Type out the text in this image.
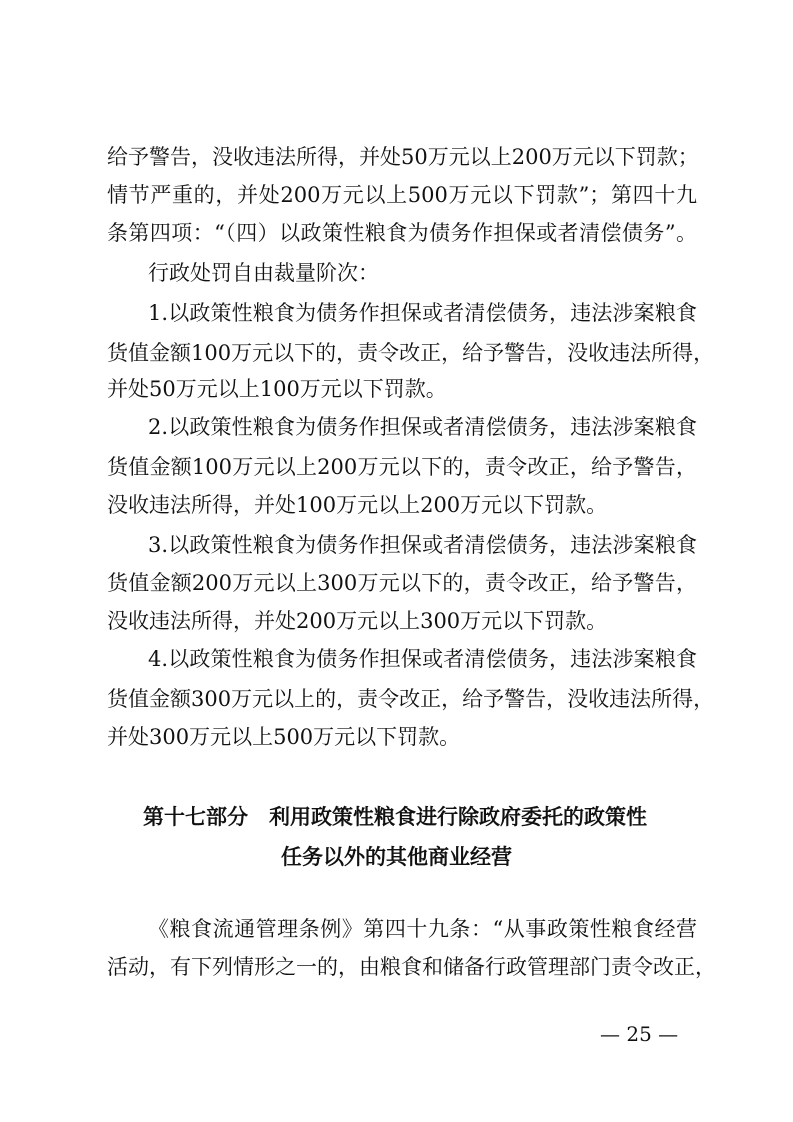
给予警告，没收违法所得，并处50万元以上200万元以下罚款；
情节严重的，并处200万元以上500万元以下罚款”；第四十九
条第四项：“（四）以政策性粮食为债务作担保或者清偿债务”。
行政处罚自由裁量阶次：
1.以政策性粮食为债务作担保或者清偿债务，违法涉案粮食
货值金额100万元以下的，责令改正，给予警告，没收违法所得，
并处50万元以上100万元以下罚款。
2.以政策性粮食为债务作担保或者清偿债务，违法涉案粮食
货值金额100万元以上200万元以下的，责令改正，给予警告，
没收违法所得，并处100万元以上200万元以下罚款。
3.以政策性粮食为债务作担保或者清偿债务，违法涉案粮食
货值金额200万元以上300万元以下的，责令改正，给予警告，
没收违法所得，并处200万元以上300万元以下罚款。
4.以政策性粮食为债务作担保或者清偿债务，违法涉案粮食
货值金额300万元以上的，责令改正，给予警告，没收违法所得，
并处300万元以上500万元以下罚款。
第十七部分　利用政策性粮食进行除政府委托的政策性
任务以外的其他商业经营
《粮食流通管理条例》第四十九条：“从事政策性粮食经营
活动，有下列情形之一的，由粮食和储备行政管理部门责令改正，
— 25 —
